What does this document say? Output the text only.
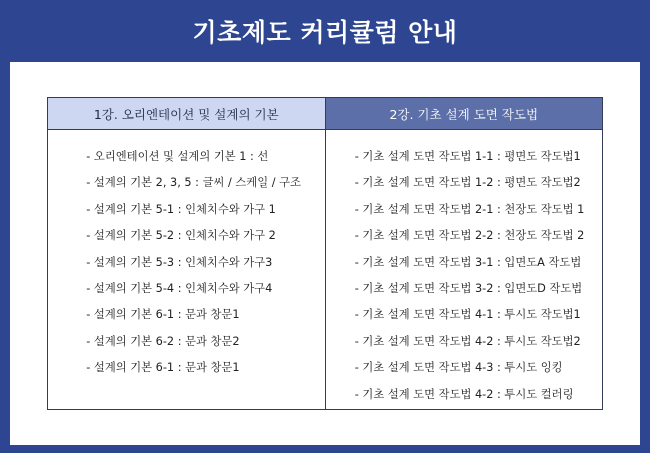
기초제도 커리큘럼 안내
1강. 오리엔테이션 및 설계의 기본
- 오리엔테이션 및 설계의 기본 1 : 선
- 설계의 기본 2, 3, 5 : 글씨 / 스케일 / 구조
- 설계의 기본 5-1 : 인체치수와 가구 1
- 설계의 기본 5-2 : 인체치수와 가구 2
- 설계의 기본 5-3 : 인체치수와 가구3
- 설계의 기본 5-4 : 인체치수와 가구4
- 설계의 기본 6-1 : 문과 창문1
- 설계의 기본 6-2 : 문과 창문2
- 설계의 기본 6-1 : 문과 창문1
2강. 기초 설계 도면 작도법
- 기초 설계 도면 작도법 1-1 : 평면도 작도법1
- 기초 설계 도면 작도법 1-2 : 평면도 작도법2
- 기초 설계 도면 작도법 2-1 : 천장도 작도법 1
- 기초 설계 도면 작도법 2-2 : 천장도 작도법 2
- 기초 설계 도면 작도법 3-1 : 입면도A 작도법
- 기초 설계 도면 작도법 3-2 : 입면도D 작도법
- 기초 설계 도면 작도법 4-1 : 투시도 작도법1
- 기초 설계 도면 작도법 4-2 : 투시도 작도법2
- 기초 설계 도면 작도법 4-3 : 투시도 잉킹
- 기초 설계 도면 작도법 4-2 : 투시도 컬러링
